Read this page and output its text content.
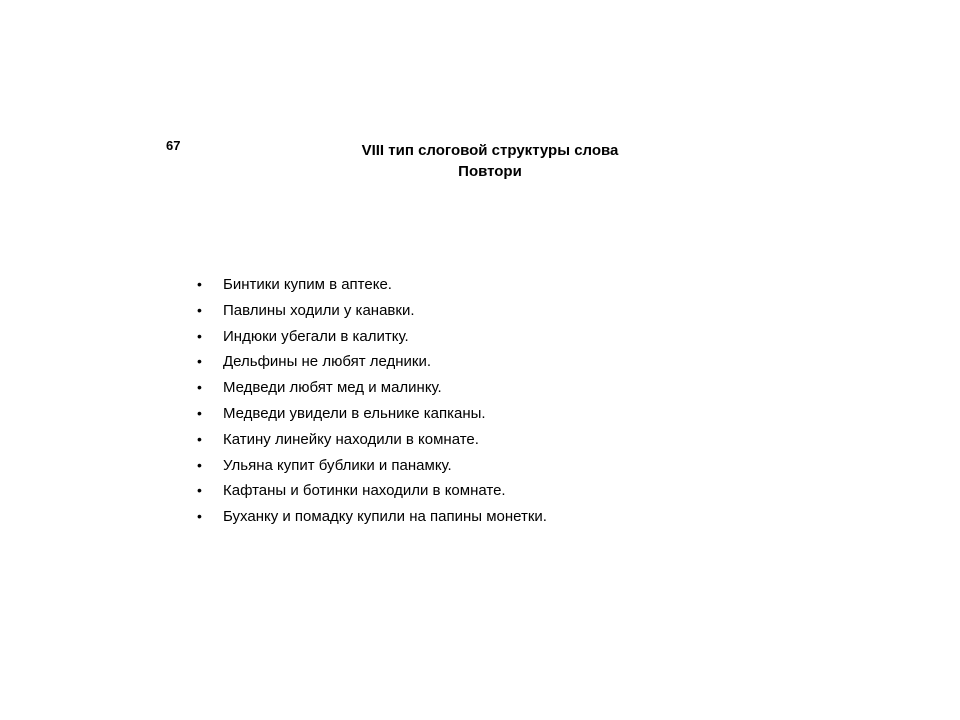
67	VIII тип слоговой структуры слова
Повтори
• Бинтики купим в аптеке.
• Павлины ходили у канавки.
• Индюки убегали в калитку.
• Дельфины не любят ледники.
• Медведи любят мед и малинку.
• Медведи увидели в ельнике капканы.
• Катину линейку находили в комнате.
• Ульяна купит бублики и панамку.
• Кафтаны и ботинки находили в комнате.
• Буханку и помадку купили на папины монетки.
